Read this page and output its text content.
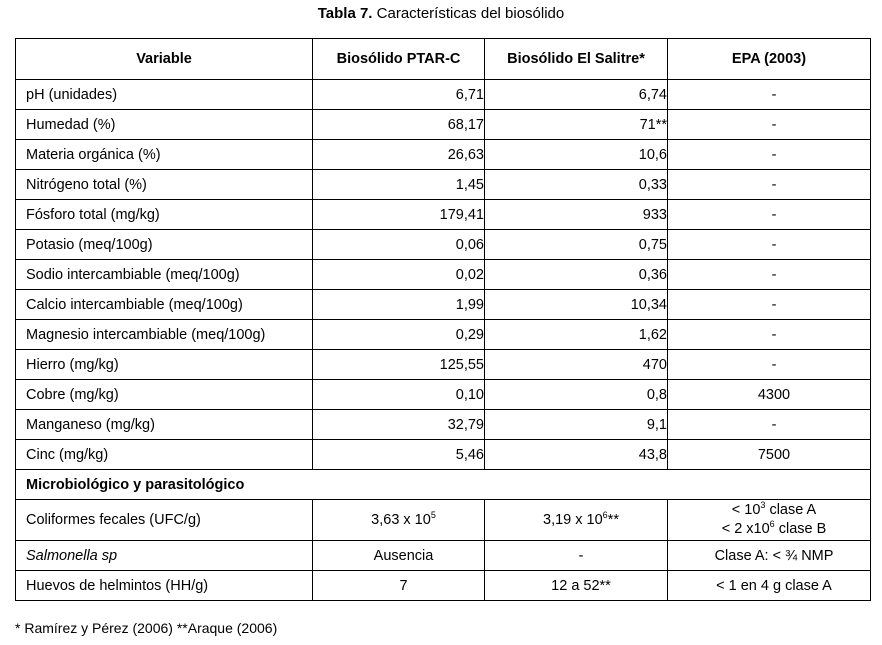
Tabla 7. Características del biosólido
Variable	Biosólido PTAR-C	Biosólido El Salitre*	EPA (2003)
pH (unidades)	6,71	6,74	-
Humedad (%)	68,17	71**	-
Materia orgánica (%)	26,63	10,6	-
Nitrógeno total (%)	1,45	0,33	-
Fósforo total (mg/kg)	179,41	933	-
Potasio (meq/100g)	0,06	0,75	-
Sodio intercambiable (meq/100g)	0,02	0,36	-
Calcio intercambiable (meq/100g)	1,99	10,34	-
Magnesio intercambiable (meq/100g)	0,29	1,62	-
Hierro (mg/kg)	125,55	470	-
Cobre (mg/kg)	0,10	0,8	4300
Manganeso (mg/kg)	32,79	9,1	-
Cinc (mg/kg)	5,46	43,8	7500
Microbiológico y parasitológico			
Coliformes fecales (UFC/g)	3,63 x $10^5$	3,19 x $10^6**$	< $10^3$ clase A
< 2 $x10^6$ clase B

Salmonella sp	Ausencia	-	Clase A: < ¾ NMP
Huevos de helmintos (HH/g)	7	12 a 52**	< 1 en 4 g clase A
* Ramírez y Pérez (2006) **Araque (2006)
